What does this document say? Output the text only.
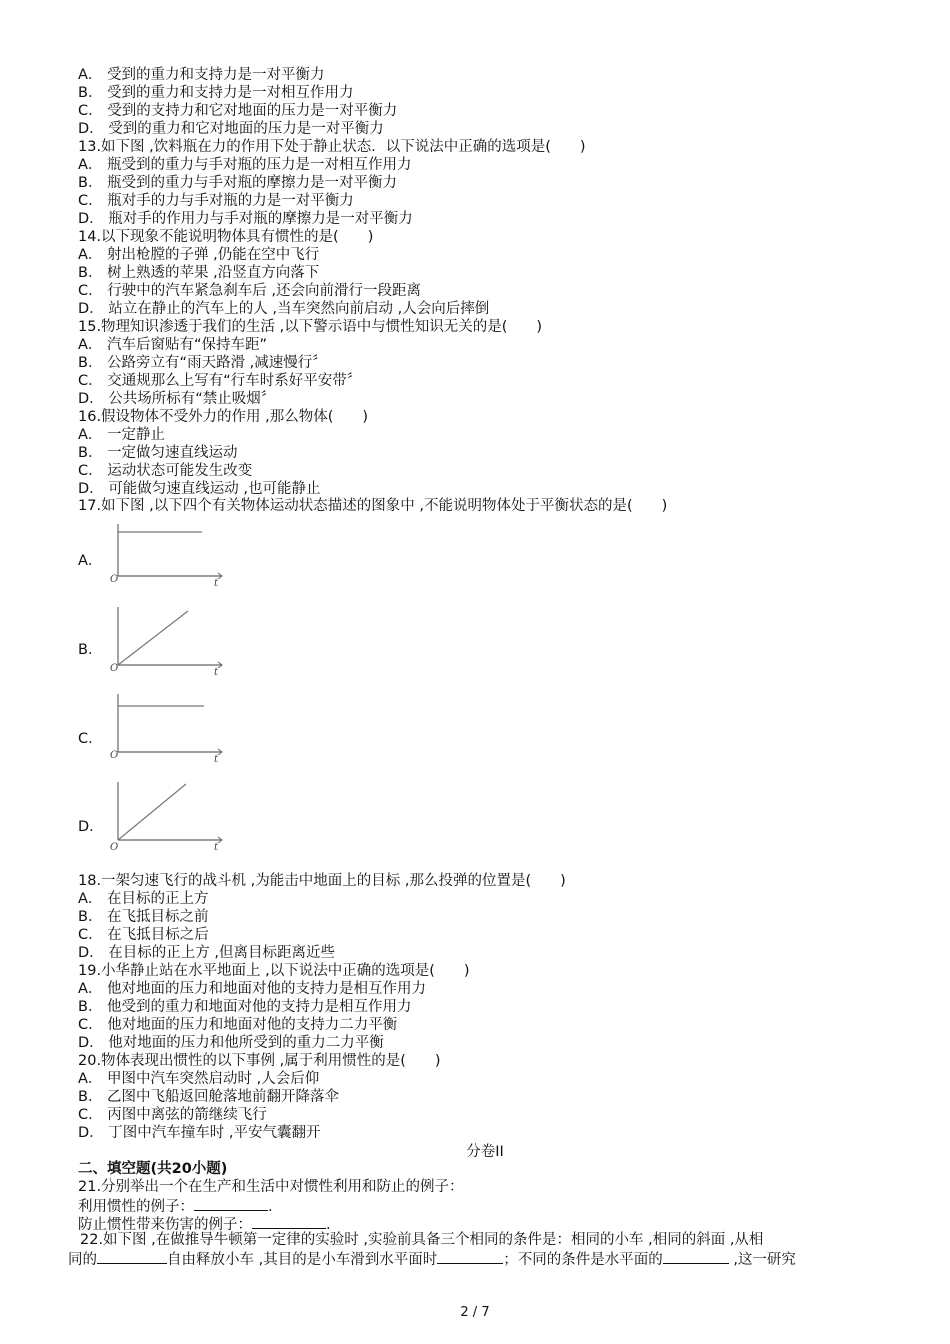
A． 受到的重力和支持力是一对平衡力
B． 受到的重力和支持力是一对相互作用力
C． 受到的支持力和它对地面的压力是一对平衡力
D． 受到的重力和它对地面的压力是一对平衡力
13.如下图 ,饮料瓶在力的作用下处于静止状态．以下说法中正确的选项是(　　)
A． 瓶受到的重力与手对瓶的压力是一对相互作用力
B． 瓶受到的重力与手对瓶的摩擦力是一对平衡力
C． 瓶对手的力与手对瓶的力是一对平衡力
D． 瓶对手的作用力与手对瓶的摩擦力是一对平衡力
14.以下现象不能说明物体具有惯性的是(　　)
A． 射出枪膛的子弹 ,仍能在空中飞行
B． 树上熟透的苹果 ,沿竖直方向落下
C． 行驶中的汽车紧急刹车后 ,还会向前滑行一段距离
D． 站立在静止的汽车上的人 ,当车突然向前启动 ,人会向后摔倒
15.物理知识渗透于我们的生活 ,以下警示语中与惯性知识无关的是(　　)
A． 汽车后窗贴有“保持车距”
B． 公路旁立有“雨天路滑 ,减速慢行〞
C． 交通规那么上写有“行车时系好平安带〞
D． 公共场所标有“禁止吸烟〞
16.假设物体不受外力的作用 ,那么物体(　　)
A． 一定静止
B． 一定做匀速直线运动
C． 运动状态可能发生改变
D． 可能做匀速直线运动 ,也可能静止
17.如下图 ,以下四个有关物体运动状态描述的图象中 ,不能说明物体处于平衡状态的是(　　)
A．
O	t
B．
O	t
C．
O	t
D．
O	t
18.一架匀速飞行的战斗机 ,为能击中地面上的目标 ,那么投弹的位置是(　　)
A． 在目标的正上方
B． 在飞抵目标之前
C． 在飞抵目标之后
D． 在目标的正上方 ,但离目标距离近些
19.小华静止站在水平地面上 ,以下说法中正确的选项是(　　)
A． 他对地面的压力和地面对他的支持力是相互作用力
B． 他受到的重力和地面对他的支持力是相互作用力
C． 他对地面的压力和地面对他的支持力二力平衡
D． 他对地面的压力和他所受到的重力二力平衡
20.物体表现出惯性的以下事例 ,属于利用惯性的是(　　)
A． 甲图中汽车突然启动时 ,人会后仰
B． 乙图中飞船返回舱落地前翻开降落伞
C． 丙图中离弦的箭继续飞行
D． 丁图中汽车撞车时 ,平安气囊翻开
分卷II
二、填空题(共20小题)
21.分别举出一个在生产和生活中对惯性利用和防止的例子：
利用惯性的例子：	.
防止惯性带来伤害的例子：	.
22.如下图 ,在做推导牛顿第一定律的实验时 ,实验前具备三个相同的条件是：相同的小车 ,相同的斜面 ,从相
同的	自由释放小车 ,其目的是小车滑到水平面时	；不同的条件是水平面的	,这一研究
2 / 7
